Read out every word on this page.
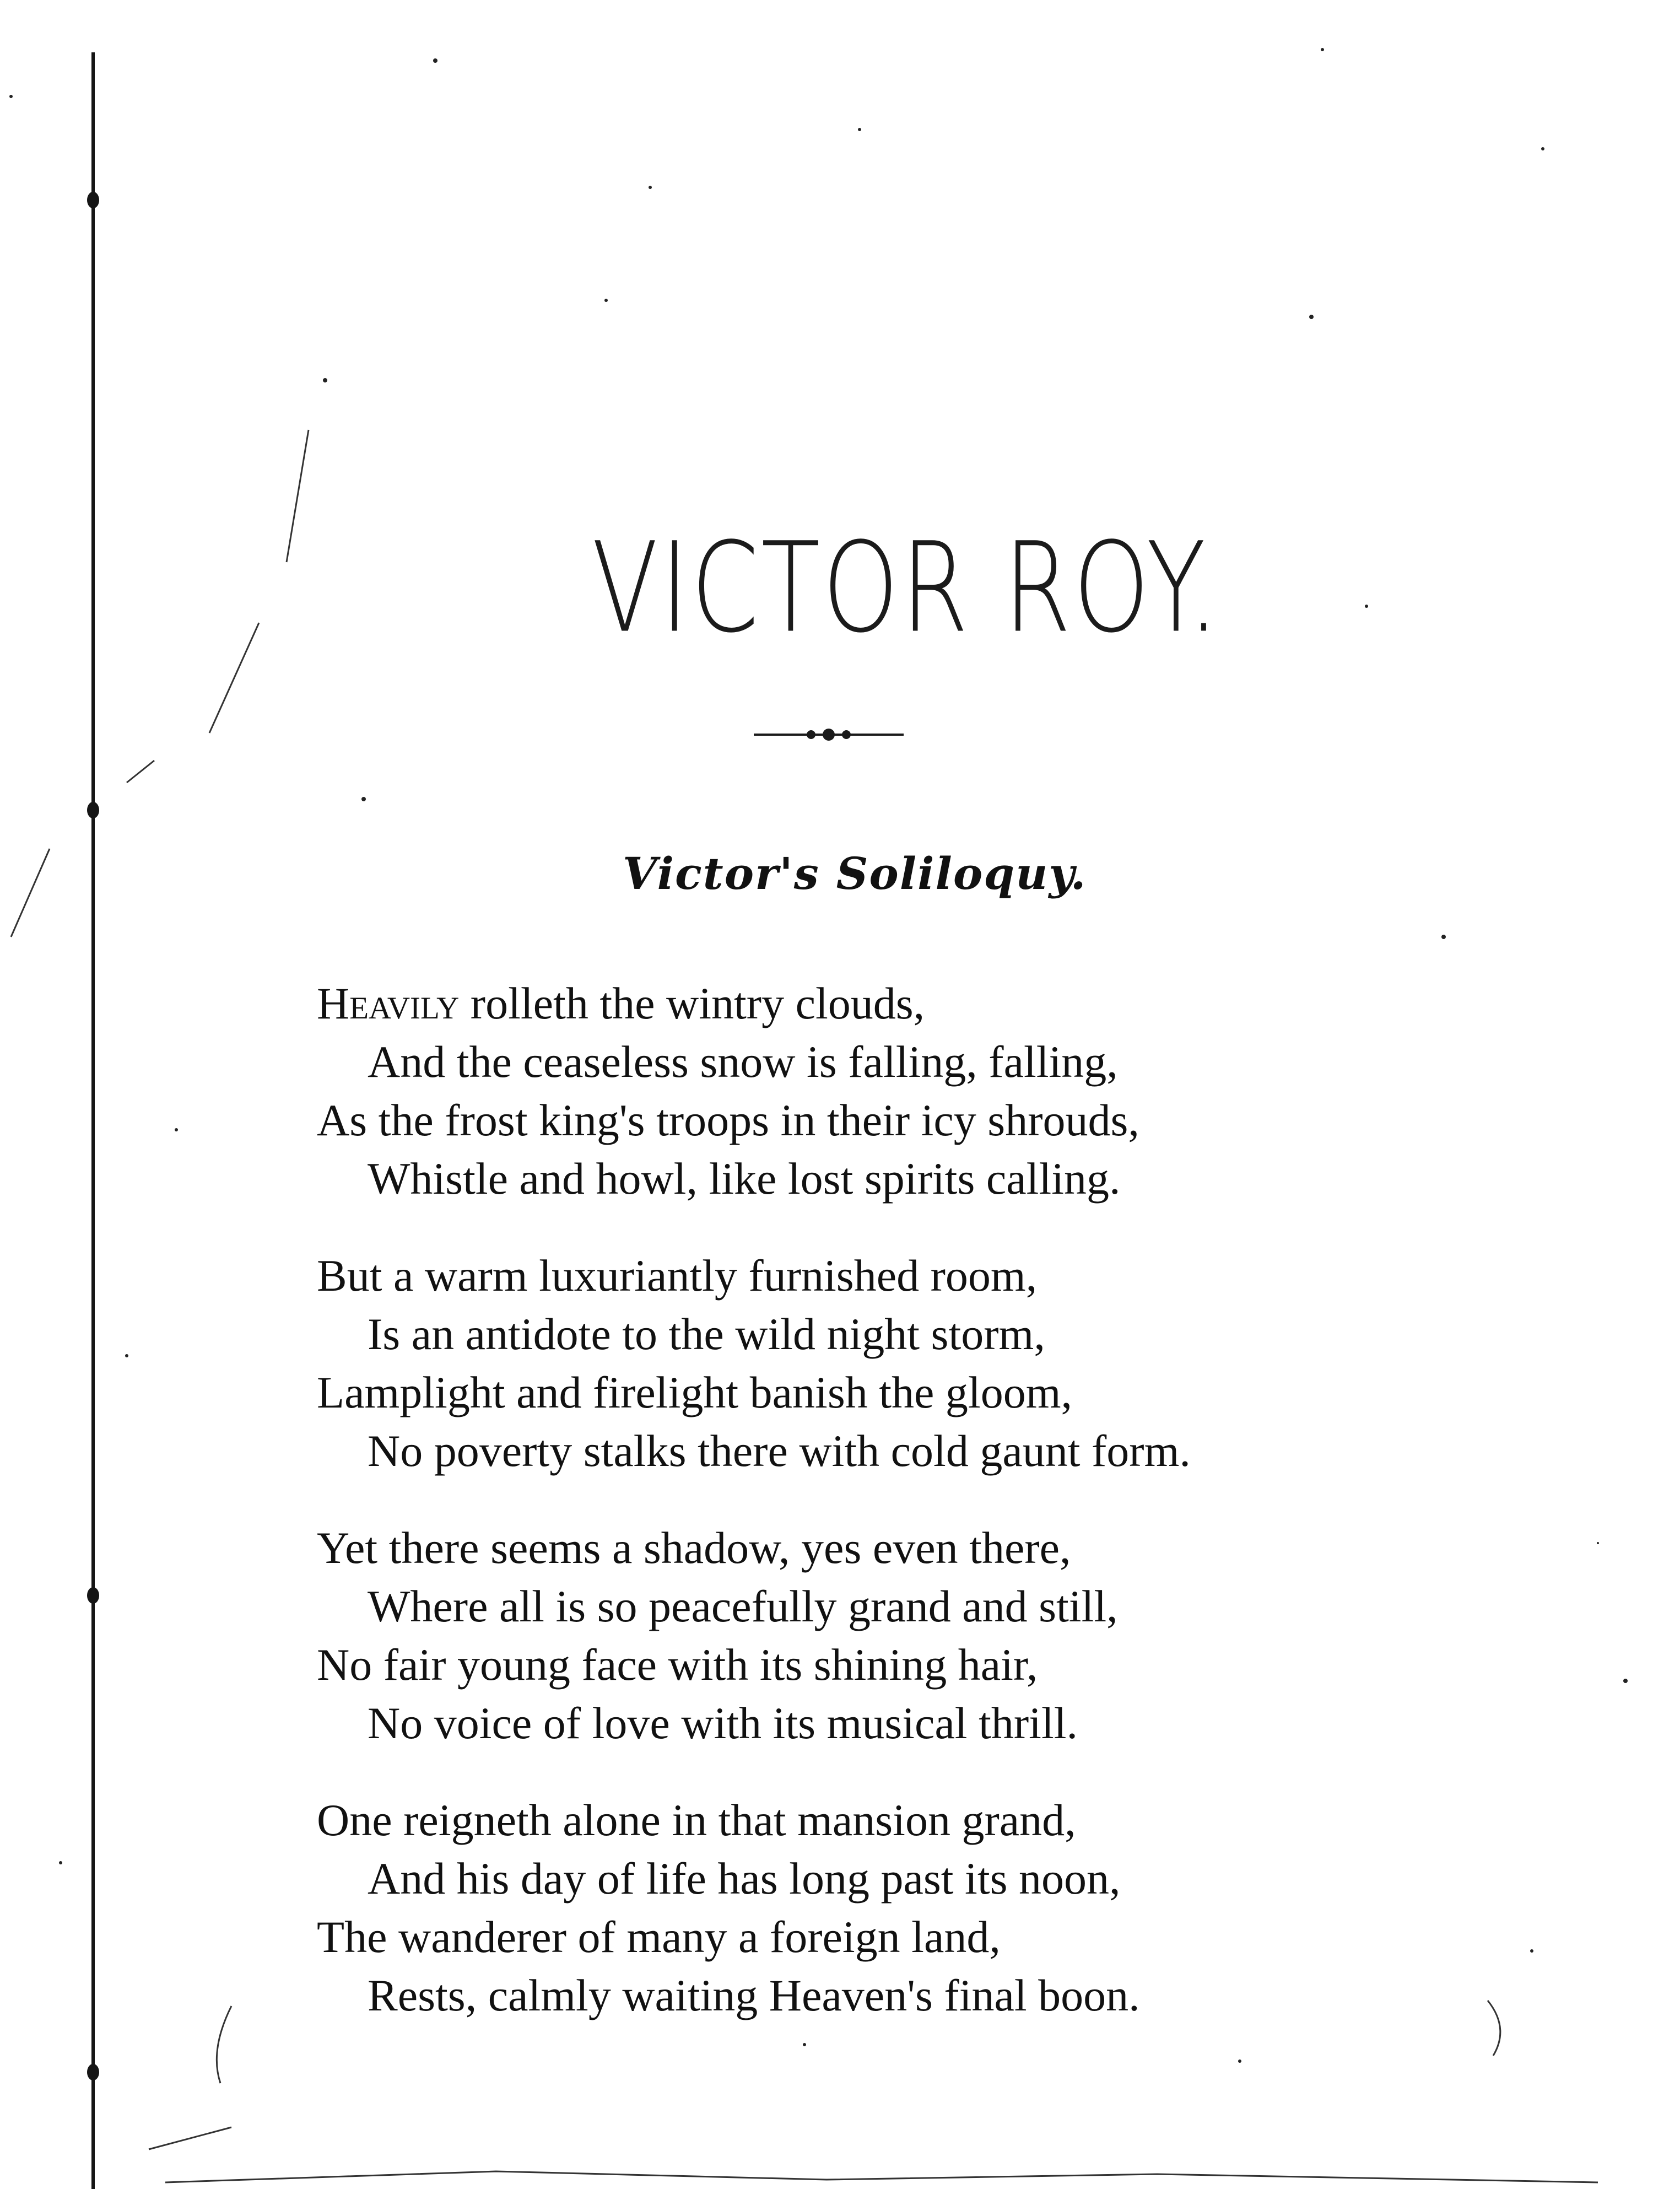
VICTOR ROY.
Victor's Soliloquy.
Heavily rolleth the wintry clouds,
And the ceaseless snow is falling, falling,
As the frost king's troops in their icy shrouds,
Whistle and howl, like lost spirits calling.
But a warm luxuriantly furnished room,
Is an antidote to the wild night storm,
Lamplight and firelight banish the gloom,
No poverty stalks there with cold gaunt form.
Yet there seems a shadow, yes even there,
Where all is so peacefully grand and still,
No fair young face with its shining hair,
No voice of love with its musical thrill.
One reigneth alone in that mansion grand,
And his day of life has long past its noon,
The wanderer of many a foreign land,
Rests, calmly waiting Heaven's final boon.
